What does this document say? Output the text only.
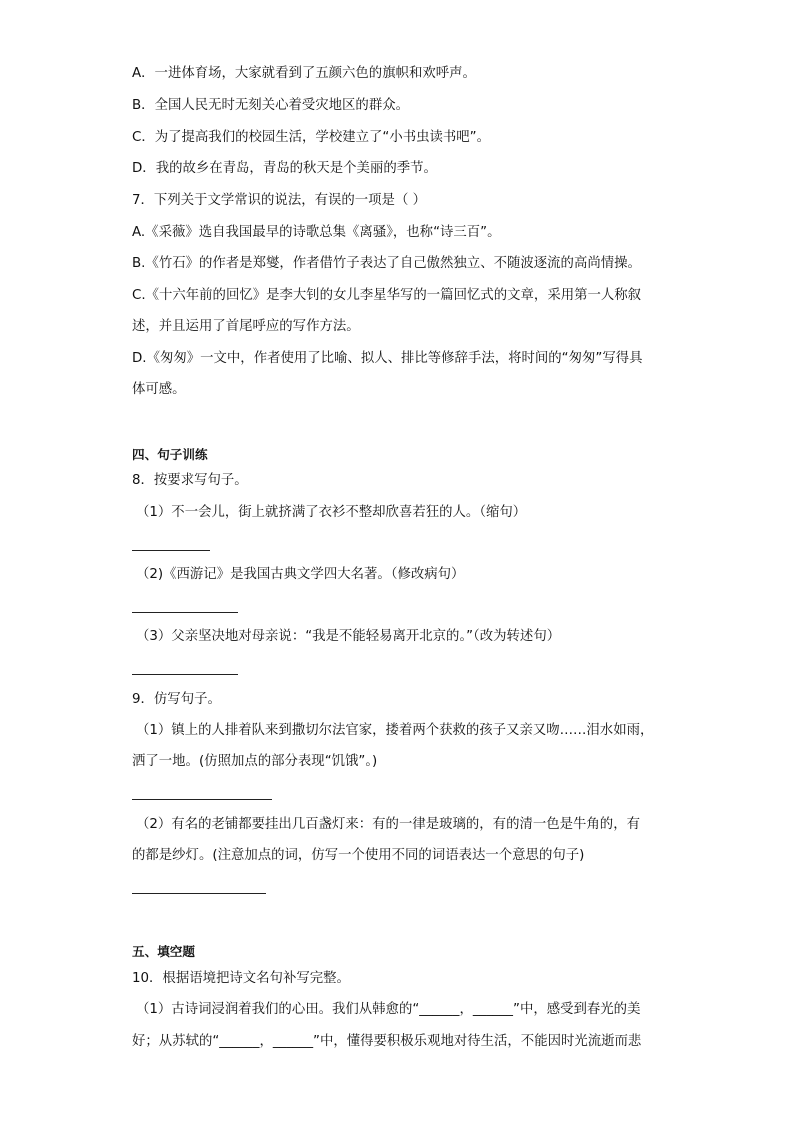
A．一进体育场，大家就看到了五颜六色的旗帜和欢呼声。
B．全国人民无时无刻关心着受灾地区的群众。
C．为了提高我们的校园生活，学校建立了“小书虫读书吧”。
D．我的故乡在青岛，青岛的秋天是个美丽的季节。
7．下列关于文学常识的说法，有误的一项是（ ）
A.《采薇》选自我国最早的诗歌总集《离骚》，也称“诗三百”。
B.《竹石》的作者是郑燮，作者借竹子表达了自己傲然独立、不随波逐流的高尚情操。
C.《十六年前的回忆》是李大钊的女儿李星华写的一篇回忆式的文章，采用第一人称叙
述，并且运用了首尾呼应的写作方法。
D.《匆匆》一文中，作者使用了比喻、拟人、排比等修辞手法，将时间的“匆匆”写得具
体可感。
四、句子训练
8．按要求写句子。
（1）不一会儿，街上就挤满了衣衫不整却欣喜若狂的人。（缩句）
（2)《西游记》是我国古典文学四大名著。（修改病句）
（3）父亲坚决地对母亲说：“我是不能轻易离开北京的。”（改为转述句）
9．仿写句子。
（1）镇上的人排着队来到撒切尔法官家，搂着两个获救的孩子又亲又吻……泪水如雨，
洒了一地。(仿照加点的部分表现“饥饿”。)
（2）有名的老铺都要挂出几百盏灯来：有的一律是玻璃的，有的清一色是牛角的，有
的都是纱灯。(注意加点的词，仿写一个使用不同的词语表达一个意思的句子)
五、填空题
10．根据语境把诗文名句补写完整。
（1）古诗词浸润着我们的心田。我们从韩愈的“______，______”中，感受到春光的美
好；从苏轼的“______，______”中，懂得要积极乐观地对待生活，不能因时光流逝而悲
